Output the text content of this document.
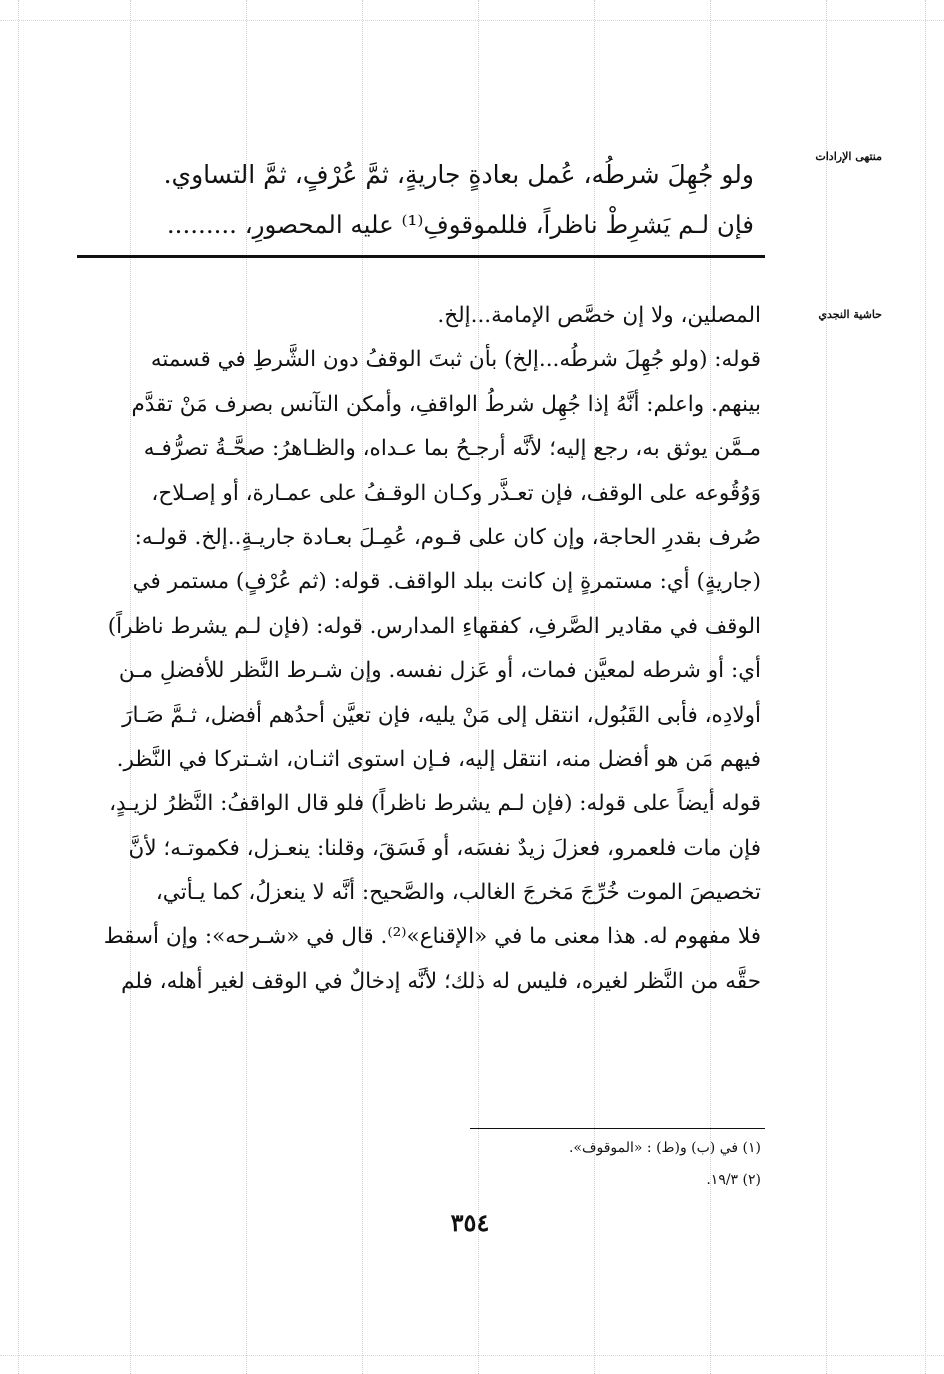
منتهى الإرادات
حاشية النجدي
ولو جُهِلَ شرطُه، عُمل بعادةٍ جاريةٍ، ثمَّ عُرْفٍ، ثمَّ التساوي.
فإن لـم يَشرِطْ ناظراً، فللموقوفِ⁽¹⁾ عليه المحصورِ، .........
المصلين، ولا إن خصَّص الإمامة...إلخ.
قوله: (ولو جُهِلَ شرطُه...إلخ) بأن ثبتَ الوقفُ دون الشَّرطِ في قسمته
بينهم. واعلم: أنَّهُ إذا جُهِل شرطُ الواقفِ، وأمكن التآنس بصرف مَنْ تقدَّم
مـمَّن يوثق به، رجع إليه؛ لأنَّه أرجـحُ بما عـداه، والظـاهرُ: صحَّـةُ تصرُّفـه
وَوُقُوعه على الوقف، فإن تعـذَّر وكـان الوقـفُ على عمـارة، أو إصـلاح،
صُرف بقدرِ الحاجة، وإن كان على قـوم، عُمِـلَ بعـادة جاريـةٍ..إلخ. قولـه:
(جاريةٍ) أي: مستمرةٍ إن كانت ببلد الواقف. قوله: (ثم عُرْفٍ) مستمر في
الوقف في مقادير الصَّرفِ، كفقهاءِ المدارس. قوله: (فإن لـم يشرط ناظراً)
أي: أو شرطه لمعيَّن فمات، أو عَزل نفسه. وإن شـرط النَّظر للأفضلِ مـن
أولادِه، فأبى القَبُول، انتقل إلى مَنْ يليه، فإن تعيَّن أحدُهم أفضل، ثـمَّ صَـارَ
فيهم مَن هو أفضل منه، انتقل إليه، فـإن استوى اثنـان، اشـتركا في النَّظر.
قوله أيضاً على قوله: (فإن لـم يشرط ناظراً) فلو قال الواقفُ: النَّظرُ لزيـدٍ،
فإن مات فلعمرو، فعزلَ زيدٌ نفسَه، أو فَسَقَ، وقلنا: ينعـزل، فكموتـه؛ لأنَّ
تخصيصَ الموت خُرِّجَ مَخرجَ الغالب، والصَّحيح: أنَّه لا ينعزلُ، كما يـأتي،
فلا مفهوم له. هذا معنى ما في «الإقناع»⁽²⁾. قال في «شـرحه»: وإن أسقط
حقَّه من النَّظر لغيره، فليس له ذلك؛ لأنَّه إدخالٌ في الوقف لغير أهله، فلم
(١) في (ب) و(ط) : «الموقوف».
(٢) ١٩/٣.
٣٥٤
